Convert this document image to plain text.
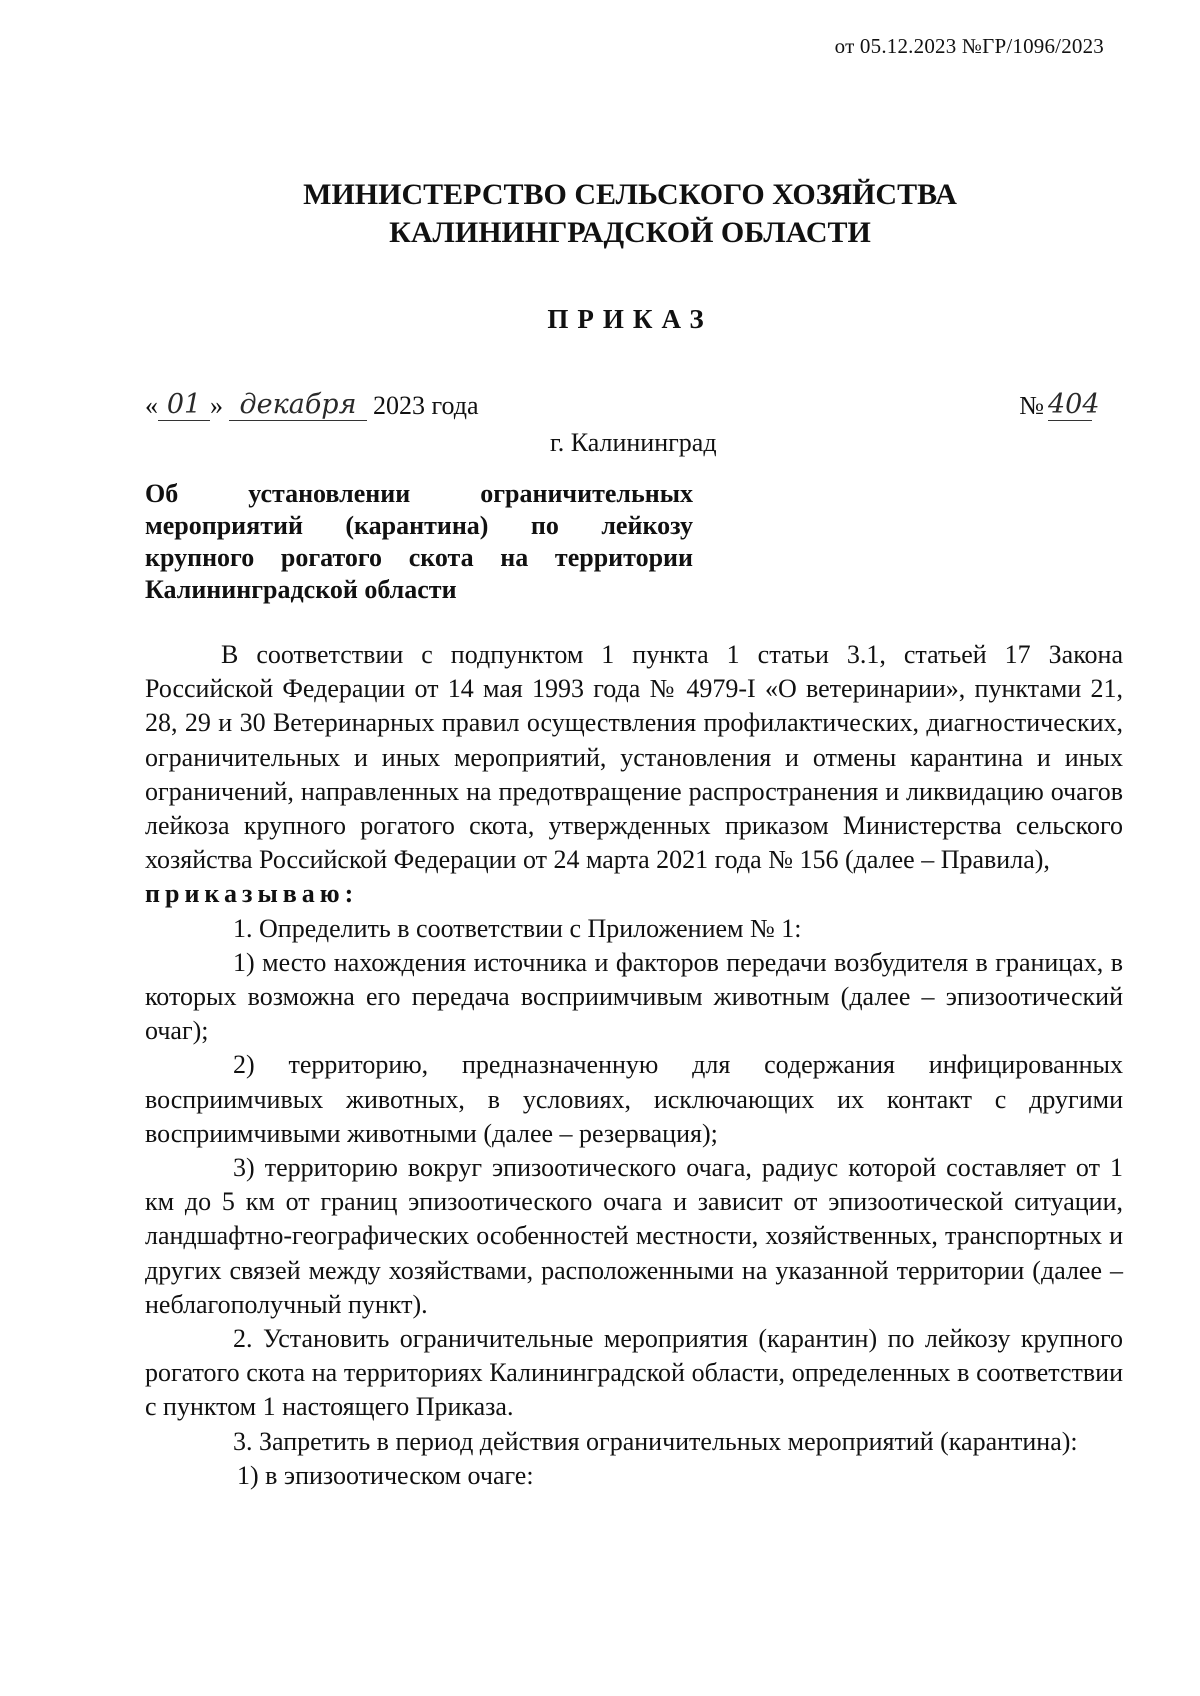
от 05.12.2023 №ГР/1096/2023
МИНИСТЕРСТВО СЕЛЬСКОГО ХОЗЯЙСТВА
КАЛИНИНГРАДСКОЙ ОБЛАСТИ
ПРИКАЗ
« 01 » декабря 2023 года	№ 404
г. Калининград
Об установлении ограничительных
мероприятий (карантина) по лейкозу
крупного рогатого скота на территории
Калининградской области

В соответствии с подпунктом 1 пункта 1 статьи 3.1, статьей 17 Закона Российской Федерации от 14 мая 1993 года № 4979-I «О ветеринарии», пунктами 21, 28, 29 и 30 Ветеринарных правил осуществления профилактических, диагностических, ограничительных и иных мероприятий, установления и отмены карантина и иных ограничений, направленных на предотвращение распространения и ликвидацию очагов лейкоза крупного рогатого скота, утвержденных приказом Министерства сельского хозяйства Российской Федерации от 24 марта 2021 года № 156 (далее – Правила),

приказываю:

1. Определить в соответствии с Приложением № 1:

1) место нахождения источника и факторов передачи возбудителя в границах, в которых возможна его передача восприимчивым животным (далее – эпизоотический очаг);

2) территорию, предназначенную для содержания инфицированных восприимчивых животных, в условиях, исключающих их контакт с другими восприимчивыми животными (далее – резервация);

3) территорию вокруг эпизоотического очага, радиус которой составляет от 1 км до 5 км от границ эпизоотического очага и зависит от эпизоотической ситуации, ландшафтно-географических особенностей местности, хозяйственных, транспортных и других связей между хозяйствами, расположенными на указанной территории (далее – неблагополучный пункт).

2. Установить ограничительные мероприятия (карантин) по лейкозу крупного рогатого скота на территориях Калининградской области, определенных в соответствии с пунктом 1 настоящего Приказа.

3. Запретить в период действия ограничительных мероприятий (карантина):

1) в эпизоотическом очаге:
